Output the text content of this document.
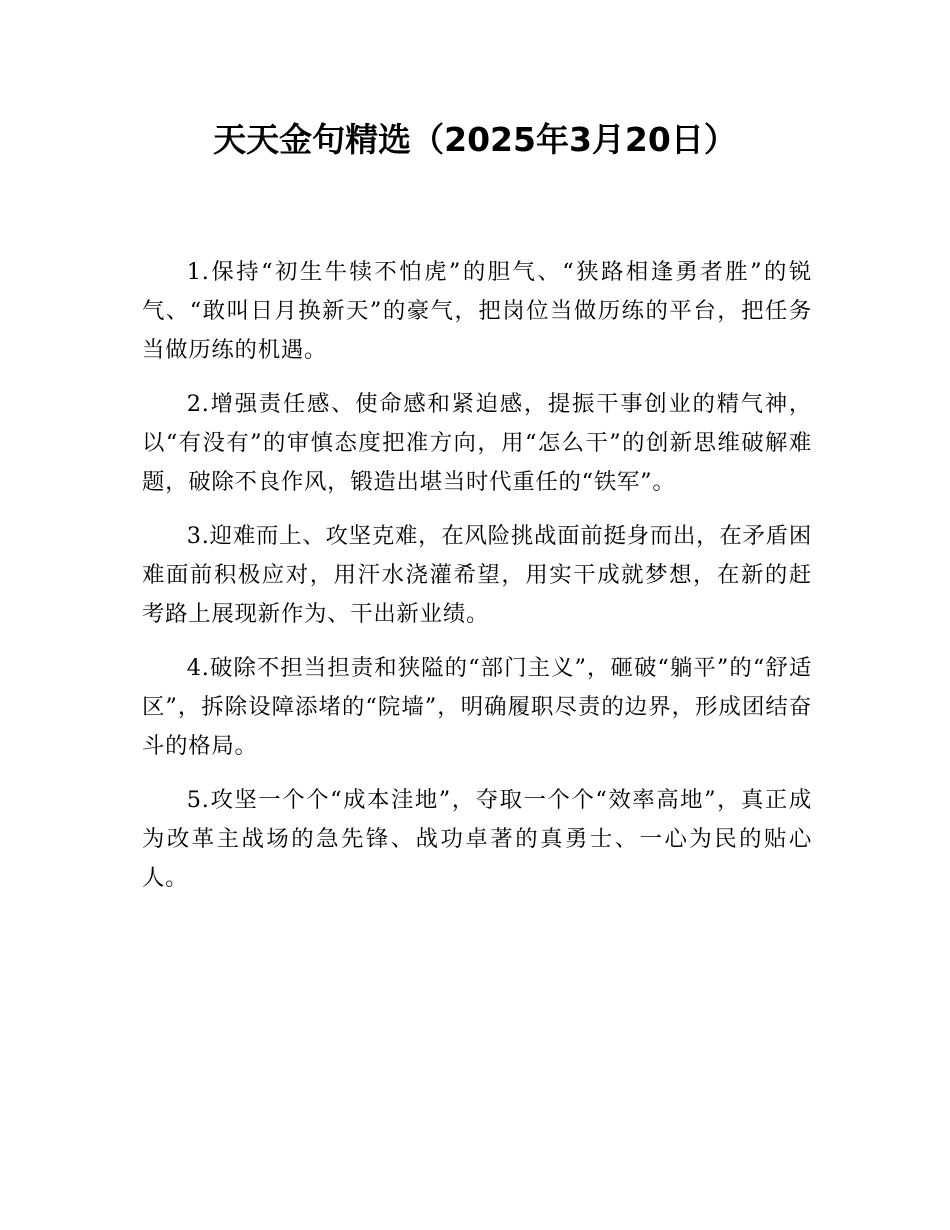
天天金句精选（2025年3月20日）

1.保持“初生牛犊不怕虎”的胆气、“狭路相逢勇者胜”的锐气、“敢叫日月换新天”的豪气，把岗位当做历练的平台，把任务当做历练的机遇。

2.增强责任感、使命感和紧迫感，提振干事创业的精气神，以“有没有”的审慎态度把准方向，用“怎么干”的创新思维破解难题，破除不良作风，锻造出堪当时代重任的“铁军”。

3.迎难而上、攻坚克难，在风险挑战面前挺身而出，在矛盾困难面前积极应对，用汗水浇灌希望，用实干成就梦想，在新的赶考路上展现新作为、干出新业绩。

4.破除不担当担责和狭隘的“部门主义”，砸破“躺平”的“舒适区”，拆除设障添堵的“院墙”，明确履职尽责的边界，形成团结奋斗的格局。

5.攻坚一个个“成本洼地”，夺取一个个“效率高地”，真正成为改革主战场的急先锋、战功卓著的真勇士、一心为民的贴心人。
